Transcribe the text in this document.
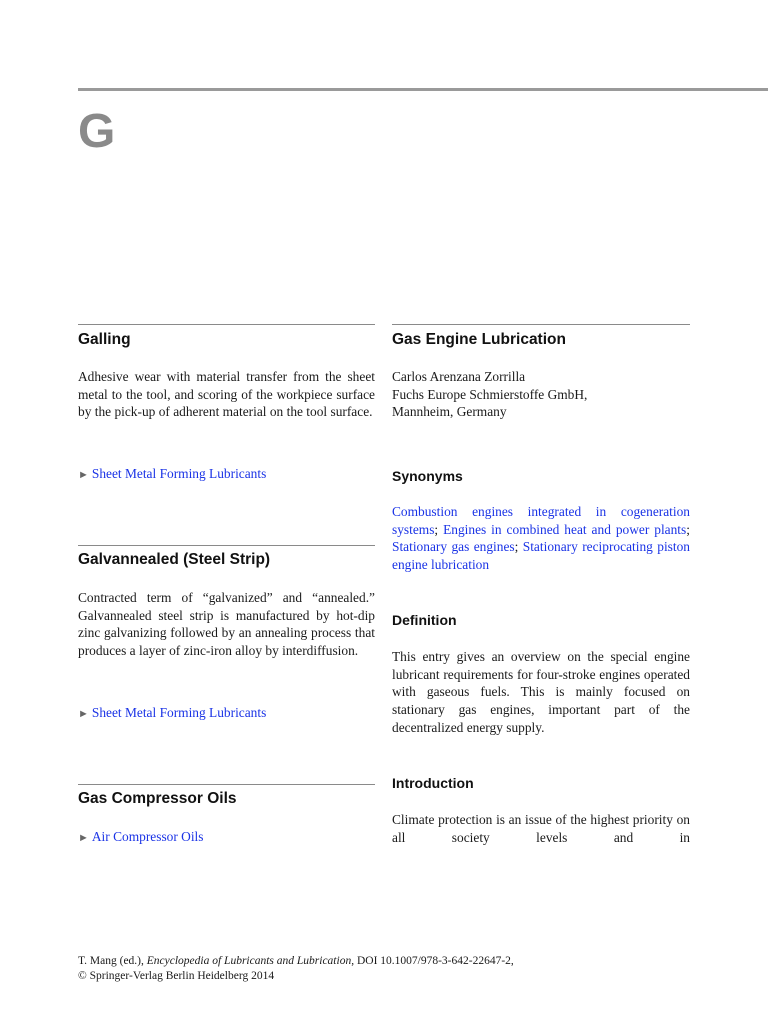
G
Galling
Adhesive wear with material transfer from the sheet metal to the tool, and scoring of the workpiece surface by the pick-up of adherent material on the tool surface.
► Sheet Metal Forming Lubricants
Galvannealed (Steel Strip)
Contracted term of “galvanized” and “annealed.” Galvannealed steel strip is manufactured by hot-dip zinc galvanizing followed by an annealing process that produces a layer of zinc-iron alloy by interdiffusion.
► Sheet Metal Forming Lubricants
Gas Compressor Oils
► Air Compressor Oils
Gas Engine Lubrication
Carlos Arenzana Zorrilla
Fuchs Europe Schmierstoffe GmbH,
Mannheim, Germany
Synonyms
Combustion engines integrated in cogeneration systems; Engines in combined heat and power plants; Stationary gas engines; Stationary reciprocating piston engine lubrication
Definition
This entry gives an overview on the special engine lubricant requirements for four-stroke engines operated with gaseous fuels. This is mainly focused on stationary gas engines, important part of the decentralized energy supply.
Introduction
Climate protection is an issue of the highest priority on all society levels and in
T. Mang (ed.), Encyclopedia of Lubricants and Lubrication, DOI 10.1007/978-3-642-22647-2,
© Springer-Verlag Berlin Heidelberg 2014
